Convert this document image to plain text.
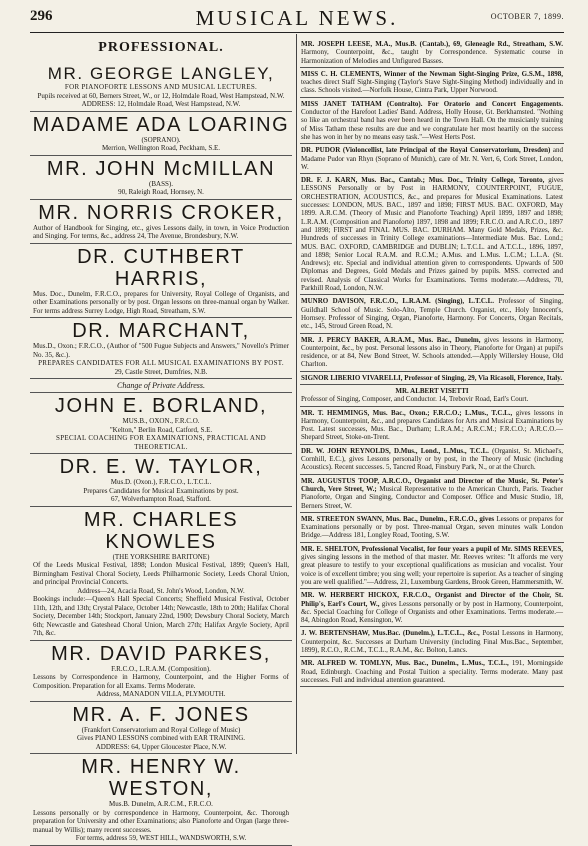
296	MUSICAL NEWS.	OCTOBER 7, 1899.
PROFESSIONAL.
MR. GEORGE LANGLEY,
FOR PIANOFORTE LESSONS AND MUSICAL LECTURES.
Pupils received at 60, Berners Street, W., or 12, Holmdale Road, West Hampstead, N.W.
ADDRESS: 12, Holmdale Road, West Hampstead, N.W.
MADAME ADA LOARING
(SOPRANO).
Merrion, Wellington Road, Peckham, S.E.
MR. JOHN McMILLAN
(BASS).
90, Raleigh Road, Hornsey, N.
MR. NORRIS CROKER,
Author of Handbook for Singing, etc., gives Lessons daily, in town, in Voice Production and Singing. For terms, &c., address 24, The Avenue, Brondesbury, N.W.
DR. CUTHBERT HARRIS,
Mus. Doc., Dunelm, F.R.C.O., prepares for University, Royal College of Organists, and other Examinations personally or by post. Organ lessons on three-manual organ by Walker. For terms address Surrey Lodge, High Road, Streatham, S.W.
DR. MARCHANT,
Mus.D., Oxon.; F.R.C.O., (Author of "500 Fugue Subjects and Answers," Novello's Primer No. 35, &c.).
PREPARES CANDIDATES FOR ALL MUSICAL EXAMINATIONS BY POST.
29, Castle Street, Dumfries, N.B.
Change of Private Address.
JOHN E. BORLAND,
MUS.B., OXON., F.R.C.O.
"Kelton," Berlin Road, Catford, S.E.
SPECIAL COACHING FOR EXAMINATIONS, PRACTICAL AND THEORETICAL.
DR. E. W. TAYLOR,
Mus.D. (Oxon.), F.R.C.O., L.T.C.L.
Prepares Candidates for Musical Examinations by post.
67, Wolverhampton Road, Stafford.
MR. CHARLES KNOWLES
(THE YORKSHIRE BARITONE)
Of the Leeds Musical Festival, 1898; London Musical Festival, 1899; Queen's Hall, Birmingham Festival Choral Society, Leeds Philharmonic Society, Leeds Choral Union, and principal Provincial Concerts.
Address—24, Acacia Road, St. John's Wood, London, N.W.
Bookings include:—Queen's Hall Special Concerts; Sheffield Musical Festival, October 11th, 12th, and 13th; Crystal Palace, October 14th; Newcastle, 18th to 20th; Halifax Choral Society, December 14th; Stockport, January 22nd, 1900; Dewsbury Choral Society, March 6th; Newcastle and Gateshead Choral Union, March 27th; Halifax Argyle Society, April 7th, &c.
MR. DAVID PARKES,
F.R.C.O., L.R.A.M. (Composition).
Lessons by Correspondence in Harmony, Counterpoint, and the Higher Forms of Composition. Preparation for all Exams. Terms Moderate.
Address, MANADON VILLA, PLYMOUTH.
MR. A. F. JONES
(Frankfort Conservatorium and Royal College of Music)
Gives PIANO LESSONS combined with EAR TRAINING.
ADDRESS: 64, Upper Gloucester Place, N.W.
MR. HENRY W. WESTON,
Mus.B. Dunelm, A.R.C.M., F.R.C.O.
Lessons personally or by correspondence in Harmony, Counterpoint, &c. Thorough preparation for University and other Examinations; also Pianoforte and Organ (large three-manual by Willis); many recent successes.
For terms, address 59, WEST HILL, WANDSWORTH, S.W.
MR. JOSEPH LEESE, M.A., Mus.B. (Cantab.), 69, Gleneagle Rd., Streatham, S.W. Harmony, Counterpoint, &c., taught by Correspondence. Systematic course in Harmonization of Melodies and Unfigured Basses.
MISS C. H. CLEMENTS, Winner of the Newman Sight-Singing Prize, G.S.M., 1898, teaches direct Staff Sight-Singing (Taylor's Stave Sight-Singing Method) individually and in class. Schools visited.—Norfolk House, Cintra Park, Upper Norwood.
MISS JANET TATHAM (Contralto). For Oratorio and Concert Engagements. Conductor of the Harefoot Ladies' Band. Address, Holly House, Gt. Berkhamsted. "Nothing so like an orchestral band has ever been heard in the Town Hall. On the musicianly training of Miss Tatham these results are due and we congratulate her most heartily on the success she has won in her by no means easy task."—West Herts Post.
DR. PUDOR (Violoncellist, late Principal of the Royal Conservatorium, Dresden) and Madame Pudor van Rhyn (Soprano of Munich), care of Mr. N. Vert, 6, Cork Street, London, W.
DR. F. J. KARN, Mus. Bac., Cantab.; Mus. Doc., Trinity College, Toronto, gives LESSONS Personally or by Post in HARMONY, COUNTERPOINT, FUGUE, ORCHESTRATION, ACOUSTICS, &c., and prepares for Musical Examinations. Latest successes: LONDON, MUS. BAC., 1897 and 1898; FIRST MUS. BAC. OXFORD, May 1899. A.R.C.M. (Theory of Music and Pianoforte Teaching) April 1899, 1897 and 1898; L.R.A.M. (Composition and Pianoforte) 1897, 1898 and 1899; F.R.C.O. and A.R.C.O., 1897 and 1898; FIRST and FINAL MUS. BAC. DURHAM. Many Gold Medals, Prizes, &c. Hundreds of successes in Trinity College examinations—Intermediate Mus. Bac. Lond.; MUS. BAC. OXFORD, CAMBRIDGE and DUBLIN; L.T.C.L. and A.T.C.L., 1896, 1897, and 1898; Senior Local R.A.M. and R.C.M.; A.Mus. and L.Mus. L.C.M.; L.L.A. (St. Andrews); etc. Special and individual attention given to correspondents. Upwards of 500 Diplomas and Degrees, Gold Medals and Prizes gained by pupils. MSS. corrected and revised. Analysis of Classical Works for Examinations. Terms moderate.—Address, 70, Parkhill Road, London, N.W.
MUNRO DAVISON, F.R.C.O., L.R.A.M. (Singing), L.T.C.L. Professor of Singing, Guildhall School of Music. Solo-Alto, Temple Church. Organist, etc., Holy Innocent's, Hornsey. Professor of Singing, Organ, Pianoforte, Harmony. For Concerts, Organ Recitals, etc., 145, Stroud Green Road, N.
MR. J. PERCY BAKER, A.R.A.M., Mus. Bac., Dunelm, gives lessons in Harmony, Counterpoint, &c., by post. Personal lessons also in Theory, Pianoforte for Organ) at pupil's residence, or at 84, New Bond Street, W. Schools attended.—Apply Willersley House, Old Charlton.
SIGNOR LIBERIO VIVARELLI, Professor of Singing, 29, Via Ricasoli, Florence, Italy.
MR. ALBERT VISETTI
Professor of Singing, Composer, and Conductor. 14, Trebovir Road, Earl's Court.
MR. T. HEMMINGS, Mus. Bac., Oxon.; F.R.C.O.; L.Mus., T.C.L., gives lessons in Harmony, Counterpoint, &c., and prepares Candidates for Arts and Musical Examinations by Post. Latest successes, Mus. Bac., Durham; L.R.A.M.; A.R.C.M.; F.R.C.O.; A.R.C.O.—Shepard Street, Stoke-on-Trent.
DR. W. JOHN REYNOLDS, D.Mus., Lond., L.Mus., T.C.L. (Organist, St. Michael's, Cornhill, E.C.), gives Lessons personally or by post, in the Theory of Music (including Acoustics). Recent successes. 5, Tancred Road, Finsbury Park, N., or at the Church.
MR. AUGUSTUS TOOP, A.R.C.O., Organist and Director of the Music, St. Peter's Church, Vere Street, W.; Musical Representative to the American Church, Paris. Teacher Pianoforte, Organ and Singing, Conductor and Composer. Office and Music Studio, 18, Berners Street, W.
MR. STREETON SWANN, Mus. Bac., Dunelm., F.R.C.O., gives Lessons or prepares for Examinations personally or by post. Three-manual Organ, seven minutes walk London Bridge.—Address 181, Longley Road, Tooting, S.W.
MR. E. SHELTON, Professional Vocalist, for four years a pupil of Mr. SIMS REEVES, gives singing lessons in the method of that master. Mr. Reeves writes: "It affords me very great pleasure to testify to your exceptional qualifications as musician and vocalist. Your voice is of excellent timbre; you sing well; your repertoire is superior. As a teacher of singing you are well qualified."—Address, 21, Luxemburg Gardens, Brook Green, Hammersmith, W.
MR. W. HERBERT HICKOX, F.R.C.O., Organist and Director of the Choir, St. Philip's, Earl's Court, W., gives Lessons personally or by post in Harmony, Counterpoint, &c. Special Coaching for College of Organists and other Examinations. Terms moderate.—84, Abingdon Road, Kensington, W.
J. W. BERTENSHAW, Mus.Bac. (Dunelm.), L.T.C.L., &c., Postal Lessons in Harmony, Counterpoint, &c. Successes at Durham University (including Final Mus.Bac., September, 1899), R.C.O., R.C.M., T.C.L., R.A.M., &c. Bolton, Lancs.
MR. ALFRED W. TOMLYN, Mus. Bac., Dunelm., L.Mus., T.C.L., 191, Morningside Road, Edinburgh. Coaching and Postal Tuition a speciality. Terms moderate. Many past successes. Full and individual attention guaranteed.
